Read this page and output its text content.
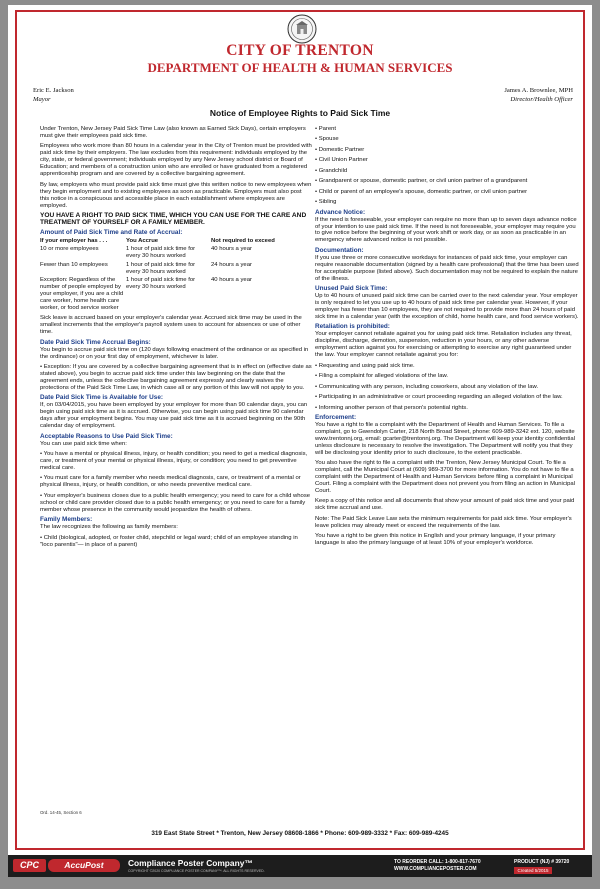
CITY OF TRENTON
DEPARTMENT OF HEALTH & HUMAN SERVICES
Eric E. Jackson
Mayor
James A. Brownlee, MPH
Director/Health Officer
Notice of Employee Rights to Paid Sick Time

Under Trenton, New Jersey Paid Sick Time Law (also known as Earned Sick Days), certain employers must give their employees paid sick time.

Employees who work more than 80 hours in a calendar year in the City of Trenton must be provided with paid sick time by their employers. The law excludes from this requirement: individuals employed by the city, state, or federal government; individuals employed by any New Jersey school district or Board of Education; and members of a construction union who are enrolled or have graduated from a registered apprenticeship program and are covered by a collective bargaining agreement.

By law, employers who must provide paid sick time must give this written notice to new employees when they begin employment and to existing employees as soon as practicable. Employers must also post this notice in a conspicuous and accessible place in each establishment where employees are employed.

YOU HAVE A RIGHT TO PAID SICK TIME, WHICH YOU CAN USE FOR THE CARE AND TREATMENT OF YOURSELF OR A FAMILY MEMBER.
Amount of Paid Sick Time and Rate of Accrual:
If your employer has . . .	You Accrue	Not required to exceed
10 or more employees	1 hour of paid sick time for every 30 hours worked	40 hours a year
Fewer than 10 employees	1 hour of paid sick time for every 30 hours worked	24 hours a year
Exception: Regardless of the number of people employed by your employer, if you are a child care worker, home health care worker, or food service worker	1 hour of paid sick time for every 30 hours worked	40 hours a year

Sick leave is accrued based on your employer's calendar year. Accrued sick time may be used in the smallest increments that the employer's payroll system uses to account for absences or use of other time.

Date Paid Sick Time Accrual Begins:

You begin to accrue paid sick time on (120 days following enactment of the ordinance or as specified in the ordinance) or on your first day of employment, whichever is later.

• Exception: If you are covered by a collective bargaining agreement that is in effect on (effective date as stated above), you begin to accrue paid sick time under this law beginning on the date that the agreement ends, unless the collective bargaining agreement expressly and clearly waives the protections of the Paid Sick Time Law, in which case all or any portion of this law will not apply to you.

Date Paid Sick Time is Available for Use:

If, on 03/04/2015, you have been employed by your employer for more than 90 calendar days, you can begin using paid sick time as it is accrued. Otherwise, you can begin using paid sick time 90 calendar days after your employment begins. You may use paid sick time as it is accrued beginning on the 90th calendar day of employment.

Acceptable Reasons to Use Paid Sick Time:

You can use paid sick time when:

• You have a mental or physical illness, injury, or health condition; you need to get a medical diagnosis, care, or treatment of your mental or physical illness, injury, or condition; you need to get preventive medical care.

• You must care for a family member who needs medical diagnosis, care, or treatment of a mental or physical illness, injury, or health condition, or who needs preventive medical care.

• Your employer's business closes due to a public health emergency; you need to care for a child whose school or child care provider closed due to a public health emergency; or you need to care for a family member whose presence in the community would jeopardize the health of others.

Family Members:

The law recognizes the following as family members:

• Child (biological, adopted, or foster child, stepchild or legal ward; child of an employee standing in "loco parentis"— in place of a parent)

• Parent

• Spouse

• Domestic Partner

• Civil Union Partner

• Grandchild

• Grandparent or spouse, domestic partner, or civil union partner of a grandparent

• Child or parent of an employee's spouse, domestic partner, or civil union partner

• Sibling

Advance Notice:

If the need is foreseeable, your employer can require no more than up to seven days advance notice of your intention to use paid sick time. If the need is not foreseeable, your employer may require you to give notice before the beginning of your work shift or work day, or as soon as practicable in an emergency where advanced notice is not possible.

Documentation:

If you use three or more consecutive workdays for instances of paid sick time, your employer can require reasonable documentation (signed by a health care professional) that the time has been used for acceptable purpose (listed above). Such documentation may not be required to explain the nature of the illness.

Unused Paid Sick Time:

Up to 40 hours of unused paid sick time can be carried over to the next calendar year. Your employer is only required to let you use up to 40 hours of paid sick time per calendar year. However, if your employer has fewer than 10 employees, they are not required to provide more than 24 hours of paid sick time in a calendar year (with the exception of child, home health care, and food service workers).

Retaliation is prohibited:

Your employer cannot retaliate against you for using paid sick time. Retaliation includes any threat, discipline, discharge, demotion, suspension, reduction in your hours, or any other adverse employment action against you for exercising or attempting to exercise any right guaranteed under the law. Your employer cannot retaliate against you for:

• Requesting and using paid sick time.

• Filing a complaint for alleged violations of the law.

• Communicating with any person, including coworkers, about any violation of the law.

• Participating in an administrative or court proceeding regarding an alleged violation of the law.

• Informing another person of that person's potential rights.

Enforcement:

You have a right to file a complaint with the Department of Health and Human Services. To file a complaint, go to Gwendolyn Carter, 218 North Broad Street, phone: 609-989-3242 ext. 120, website www.trentonnj.org, email: gcarter@trentonnj.org. The Department will keep your identity confidential unless disclosure is necessary to resolve the investigation. The Department will notify you that they will be disclosing your identity prior to such disclosure, to the extent practicable.

You also have the right to file a complaint with the Trenton, New Jersey Municipal Court. To file a complaint, call the Municipal Court at (609) 989-3700 for more information. You do not have to file a complaint with the Department of Health and Human Services before filing a complaint in Municipal Court. Filing a complaint with the Department does not prevent you from filing an action in Municipal Court.

Keep a copy of this notice and all documents that show your amount of paid sick time and your paid sick time accrual and use.

Note: The Paid Sick Leave Law sets the minimum requirements for paid sick time. Your employer's leave policies may already meet or exceed the requirements of the law.

You have a right to be given this notice in English and your primary language, if your primary language is also the primary language of at least 10% of your employer's workforce.

Ord. 14-45, Section 6
319 East State Street * Trenton, New Jersey 08608-1866 * Phone: 609-989-3332 * Fax: 609-989-4245
CPC	AccuPost	Compliance Poster Company™
COPYRIGHT ©2020 COMPLIANCE POSTER COMPANY™. ALL RIGHTS RESERVED.
TO REORDER CALL: 1-800-817-7670
WWW.COMPLIANCEPOSTER.COM
PRODUCT (NJ) # 39720
Created 5/2015
